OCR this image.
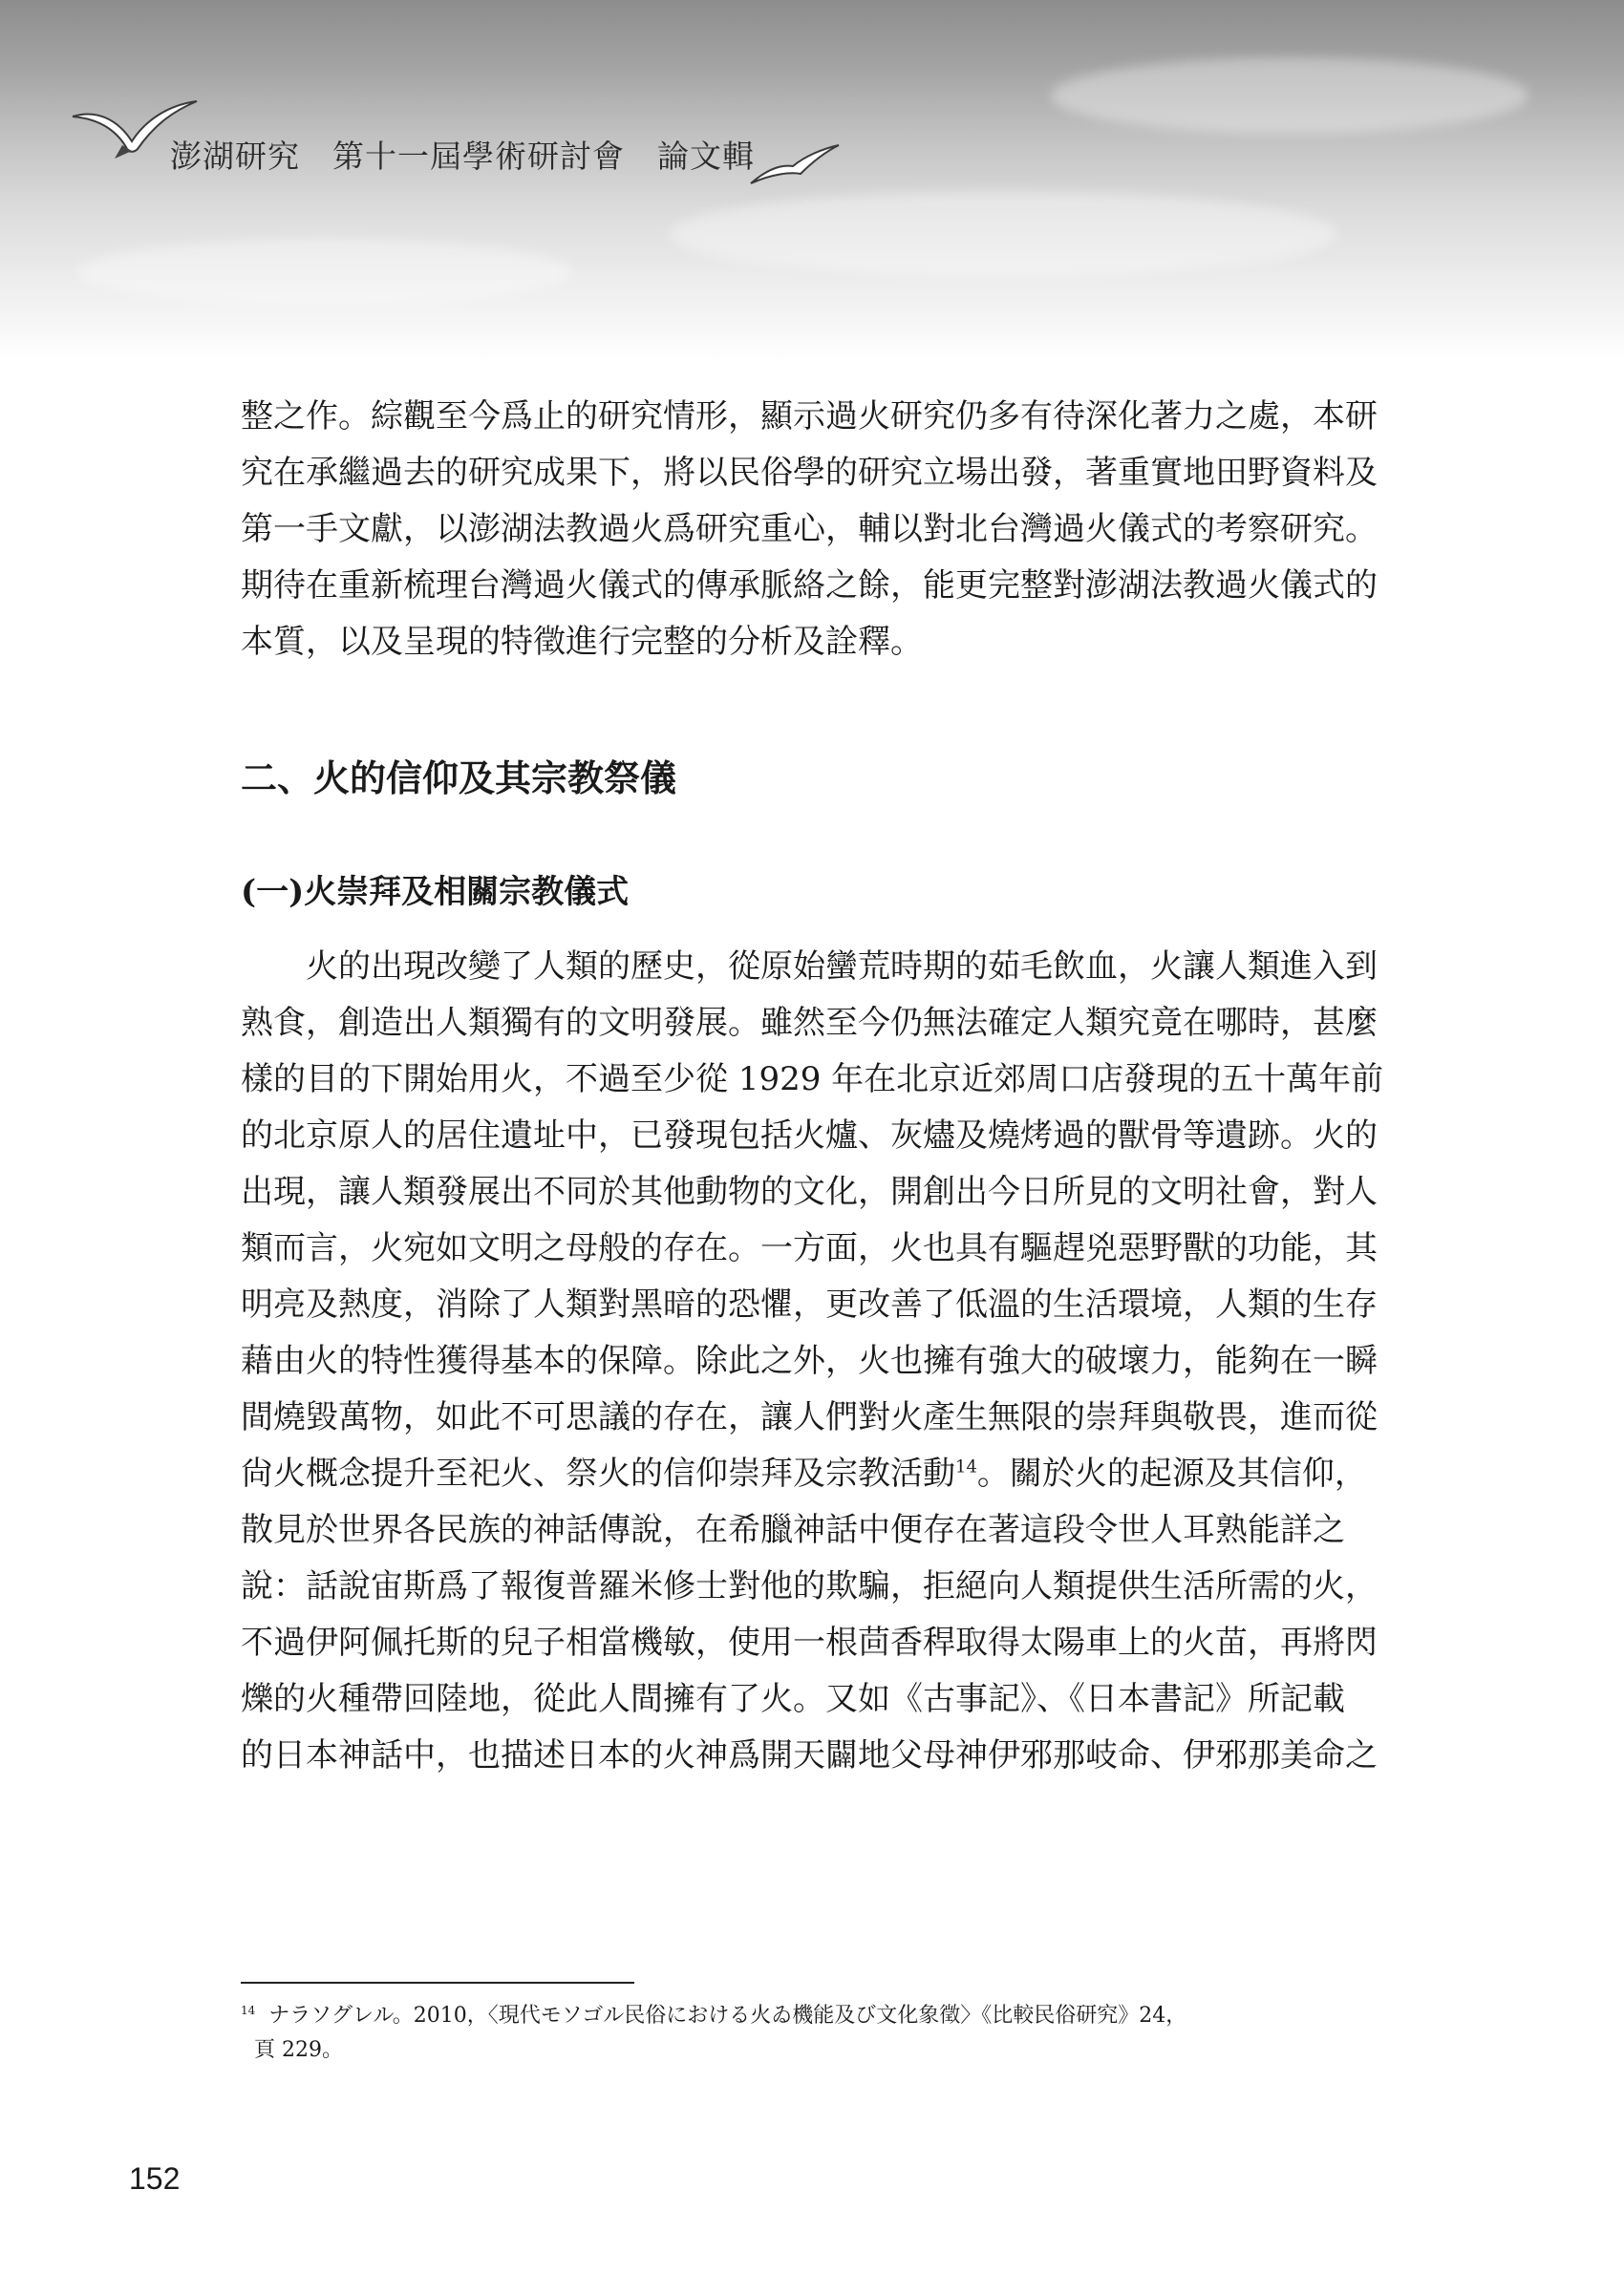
澎湖研究 第十一屆學術研討會 論文輯

整之作。綜觀至今爲止的研究情形，顯示過火研究仍多有待深化著力之處，本研

究在承繼過去的研究成果下，將以民俗學的研究立場出發，著重實地田野資料及

第一手文獻，以澎湖法教過火爲研究重心，輔以對北台灣過火儀式的考察研究。

期待在重新梳理台灣過火儀式的傳承脈絡之餘，能更完整對澎湖法教過火儀式的

本質，以及呈現的特徵進行完整的分析及詮釋。

二、火的信仰及其宗教祭儀
(一)火崇拜及相關宗教儀式

火的出現改變了人類的歷史，從原始蠻荒時期的茹毛飲血，火讓人類進入到

熟食，創造出人類獨有的文明發展。雖然至今仍無法確定人類究竟在哪時，甚麼

樣的目的下開始用火，不過至少從 1929 年在北京近郊周口店發現的五十萬年前

的北京原人的居住遺址中，已發現包括火爐、灰燼及燒烤過的獸骨等遺跡。火的

出現，讓人類發展出不同於其他動物的文化，開創出今日所見的文明社會，對人

類而言，火宛如文明之母般的存在。一方面，火也具有驅趕兇惡野獸的功能，其

明亮及熱度，消除了人類對黑暗的恐懼，更改善了低溫的生活環境，人類的生存

藉由火的特性獲得基本的保障。除此之外，火也擁有強大的破壞力，能夠在一瞬

間燒毀萬物，如此不可思議的存在，讓人們對火產生無限的崇拜與敬畏，進而從

尙火概念提升至祀火、祭火的信仰崇拜及宗教活動$^{14}$。關於火的起源及其信仰，

散見於世界各民族的神話傳說，在希臘神話中便存在著這段令世人耳熟能詳之

說：話說宙斯爲了報復普羅米修士對他的欺騙，拒絕向人類提供生活所需的火，

不過伊阿佩托斯的兒子相當機敏，使用一根茴香稈取得太陽車上的火苗，再將閃

爍的火種帶回陸地，從此人間擁有了火。又如《古事記》、《日本書記》所記載

的日本神話中，也描述日本的火神爲開天闢地父母神伊邪那岐命、伊邪那美命之

$^{14}$ ナラソグレル。2010，〈現代モソゴル民俗における火ゐ機能及び文化象徵〉《比較民俗研究》24，

頁 229。

152
